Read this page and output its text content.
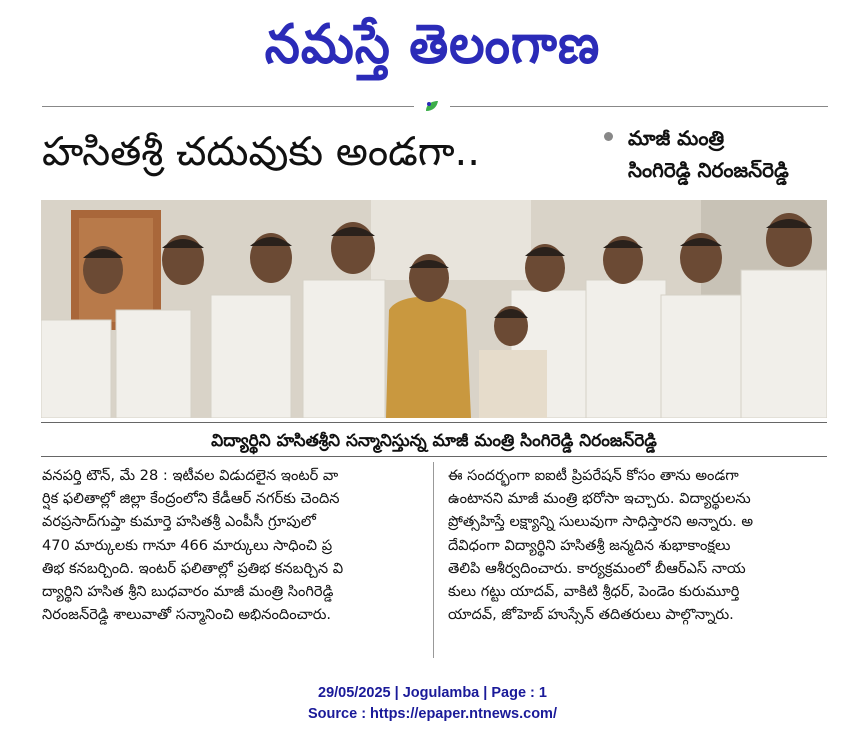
నమస్తే తెలంగాణ
హసితశ్రీ చదువుకు అండగా..	మాజీ మంత్రి
సింగిరెడ్డి నిరంజన్‌రెడ్డి
విద్యార్థిని హసితశ్రీని సన్మానిస్తున్న మాజీ మంత్రి సింగిరెడ్డి నిరంజన్‌రెడ్డి

వనపర్తి టౌన్, మే 28 : ఇటీవల విడుదలైన ఇంటర్ వా

ర్షిక ఫలితాల్లో జిల్లా కేంద్రంలోని కేడీఆర్ నగర్‌కు చెందిన

వరప్రసాద్‌గుప్తా కుమార్తె హసితశ్రీ ఎంపీసీ గ్రూపులో

470 మార్కులకు గానూ 466 మార్కులు సాధించి ప్ర

తిభ కనబర్చింది. ఇంటర్ ఫలితాల్లో ప్రతిభ కనబర్చిన వి

ద్యార్థిని హసిత శ్రీని బుధవారం మాజీ మంత్రి సింగిరెడ్డి

నిరంజన్‌రెడ్డి శాలువాతో సన్మానించి అభినందించారు.

ఈ సందర్భంగా ఐఐటీ ప్రిపరేషన్ కోసం తాను అండగా

ఉంటానని మాజీ మంత్రి భరోసా ఇచ్చారు. విద్యార్థులను

ప్రోత్సహిస్తే లక్ష్యాన్ని సులువుగా సాధిస్తారని అన్నారు. అ

దేవిధంగా విద్యార్థిని హసితశ్రీ జన్మదిన శుభాకాంక్షలు

తెలిపి ఆశీర్వదించారు. కార్యక్రమంలో బీఆర్‌ఎస్ నాయ

కులు గట్టు యాదవ్, వాకిటి శ్రీధర్, పెండెం కురుమూర్తి

యాదవ్, జోహెబ్ హుస్సేన్ తదితరులు పాల్గొన్నారు.

29/05/2025 | Jogulamba | Page : 1
Source : https://epaper.ntnews.com/
